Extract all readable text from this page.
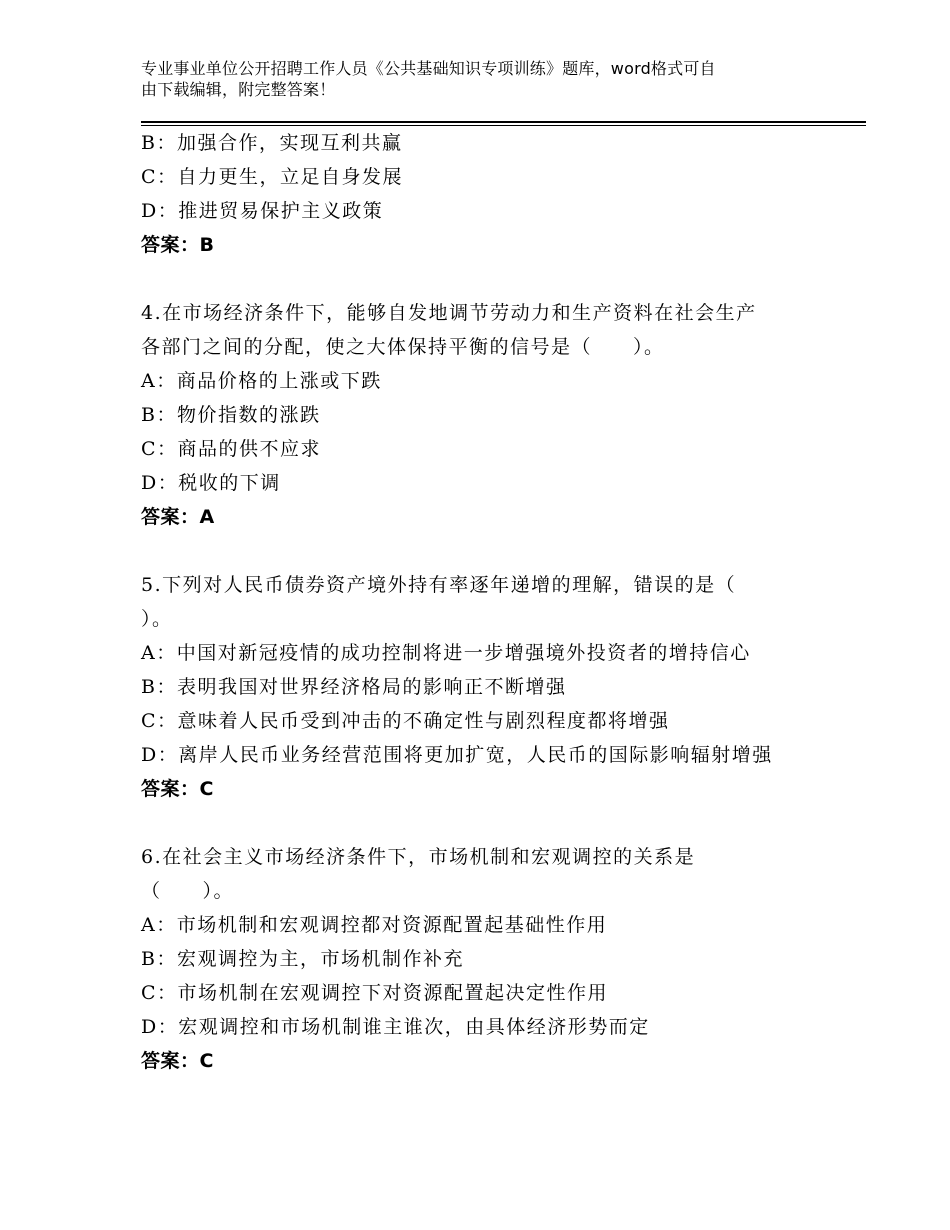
专业事业单位公开招聘工作人员《公共基础知识专项训练》题库，word格式可自
由下载编辑，附完整答案！
B：加强合作，实现互利共赢
C：自力更生，立足自身发展
D：推进贸易保护主义政策
答案：B
4.在市场经济条件下，能够自发地调节劳动力和生产资料在社会生产
各部门之间的分配，使之大体保持平衡的信号是（　　）。
A：商品价格的上涨或下跌
B：物价指数的涨跌
C：商品的供不应求
D：税收的下调
答案：A
5.下列对人民币债券资产境外持有率逐年递增的理解，错误的是（
）。
A：中国对新冠疫情的成功控制将进一步增强境外投资者的增持信心
B：表明我国对世界经济格局的影响正不断增强
C：意味着人民币受到冲击的不确定性与剧烈程度都将增强
D：离岸人民币业务经营范围将更加扩宽，人民币的国际影响辐射增强
答案：C
6.在社会主义市场经济条件下，市场机制和宏观调控的关系是
（　　）。
A：市场机制和宏观调控都对资源配置起基础性作用
B：宏观调控为主，市场机制作补充
C：市场机制在宏观调控下对资源配置起决定性作用
D：宏观调控和市场机制谁主谁次，由具体经济形势而定
答案：C
